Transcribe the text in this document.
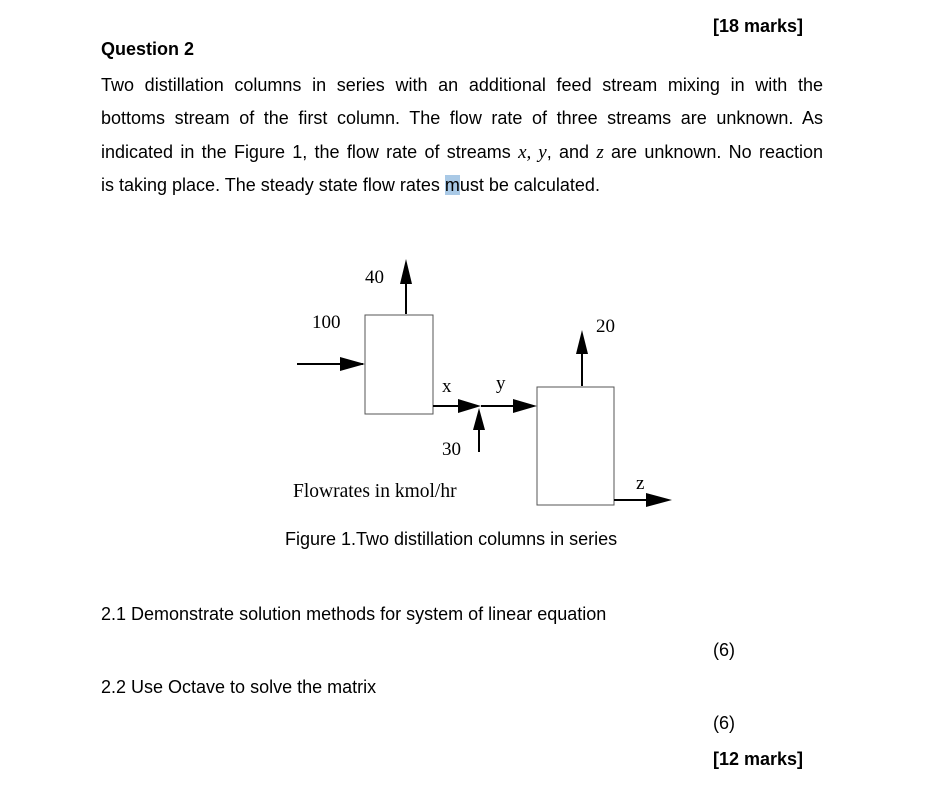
[18 marks]
Question 2
Two distillation columns in series with an additional feed stream mixing in with the
bottoms stream of the first column. The flow rate of three streams are unknown. As
indicated in the Figure 1, the flow rate of streams x, y, and z are unknown. No reaction
is taking place. The steady state flow rates must be calculated.
100
40
x y
30
20
z
Flowrates in kmol/hr
Figure 1.Two distillation columns in series
2.1 Demonstrate solution methods for system of linear equation
(6)
2.2 Use Octave to solve the matrix
(6)
[12 marks]
